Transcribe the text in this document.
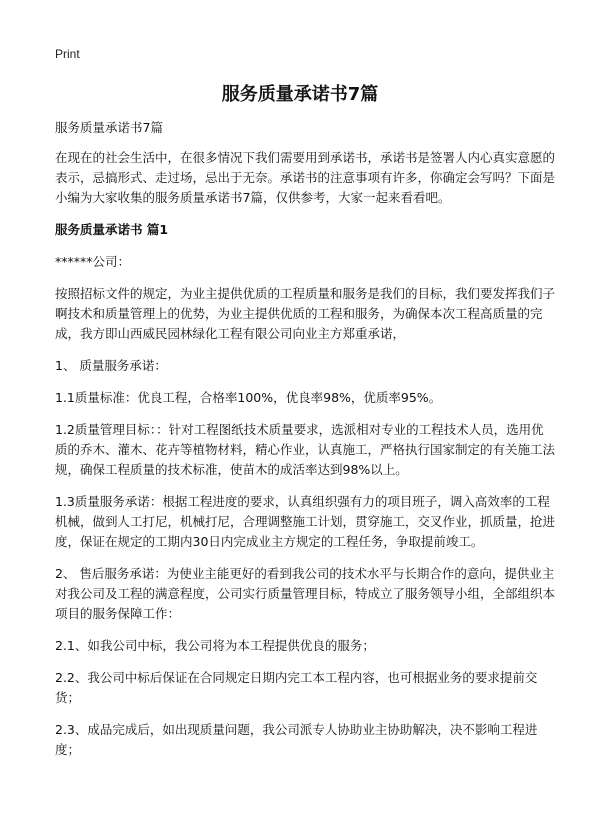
Print
服务质量承诺书7篇

服务质量承诺书7篇

在现在的社会生活中，在很多情况下我们需要用到承诺书，承诺书是签署人内心真实意愿的表示，忌搞形式、走过场，忌出于无奈。承诺书的注意事项有许多，你确定会写吗？下面是小编为大家收集的服务质量承诺书7篇，仅供参考，大家一起来看看吧。

服务质量承诺书 篇1

******公司：

按照招标文件的规定，为业主提供优质的工程质量和服务是我们的目标，我们要发挥我们子啊技术和质量管理上的优势，为业主提供优质的工程和服务，为确保本次工程高质量的完成，我方即山西威民园林绿化工程有限公司向业主方郑重承诺，

1、 质量服务承诺：

1.1质量标准：优良工程，合格率100%，优良率98%，优质率95%。

1.2质量管理目标：：针对工程图纸技术质量要求，选派相对专业的工程技术人员，选用优质的乔木、灌木、花卉等植物材料，精心作业，认真施工，严格执行国家制定的有关施工法规，确保工程质量的技术标准，使苗木的成活率达到98%以上。

1.3质量服务承诺：根据工程进度的要求，认真组织强有力的项目班子，调入高效率的工程机械，做到人工打尼，机械打尼，合理调整施工计划，贯穿施工，交叉作业，抓质量，抢进度，保证在规定的工期内30日内完成业主方规定的工程任务，争取提前竣工。

2、 售后服务承诺：为使业主能更好的看到我公司的技术水平与长期合作的意向，提供业主对我公司及工程的满意程度，公司实行质量管理目标，特成立了服务领导小组，全部组织本项目的服务保障工作：

2.1、如我公司中标，我公司将为本工程提供优良的服务；

2.2、我公司中标后保证在合同规定日期内完工本工程内容，也可根据业务的要求提前交货；

2.3、成品完成后，如出现质量问题，我公司派专人协助业主协助解决，决不影响工程进度；
